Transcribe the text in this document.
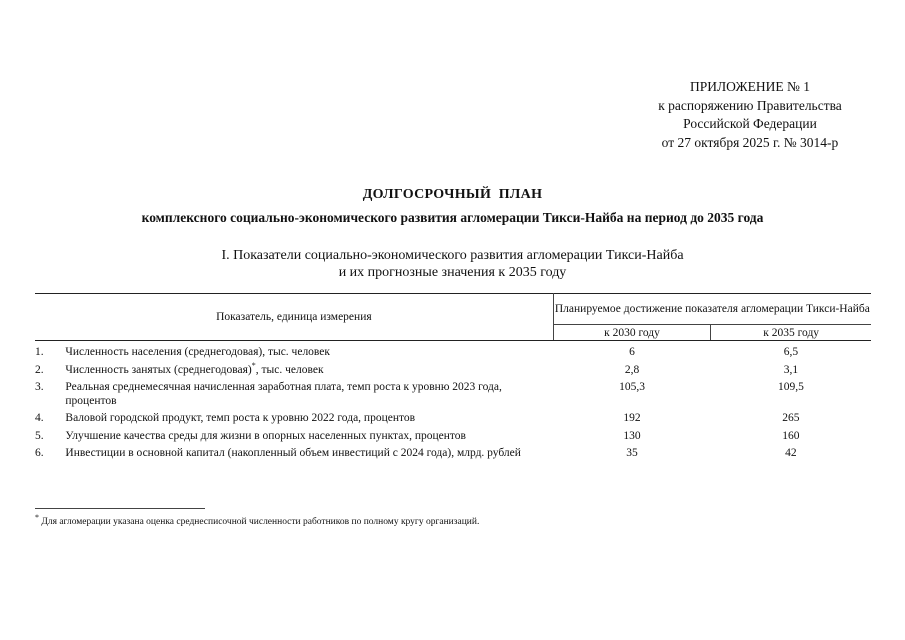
ПРИЛОЖЕНИЕ № 1
к распоряжению Правительства
Российской Федерации
от 27 октября 2025 г. № 3014-р
ДОЛГОСРОЧНЫЙ  ПЛАН
комплексного социально-экономического развития агломерации Тикси-Найба на период до 2035 года
I. Показатели социально-экономического развития агломерации Тикси-Найба
и их прогнозные значения к 2035 году
Показатель, единица измерения		Планируемое достижение показателя агломерации Тикси-Найба	
		к 2030 году	к 2035 году

1.	Численность населения (среднегодовая), тыс. человек	6	6,5
2.	Численность занятых (среднегодовая)*, тыс. человек	2,8	3,1
3.	Реальная среднемесячная начисленная заработная плата, темп роста к уровню 2023 года, процентов	105,3	109,5
4.	Валовой городской продукт, темп роста к уровню 2022 года, процентов	192	265
5.	Улучшение качества среды для жизни в опорных населенных пунктах, процентов	130	160
6.	Инвестиции в основной капитал (накопленный объем инвестиций с 2024 года), млрд. рублей	35	42
* Для агломерации указана оценка среднесписочной численности работников по полному кругу организаций.
